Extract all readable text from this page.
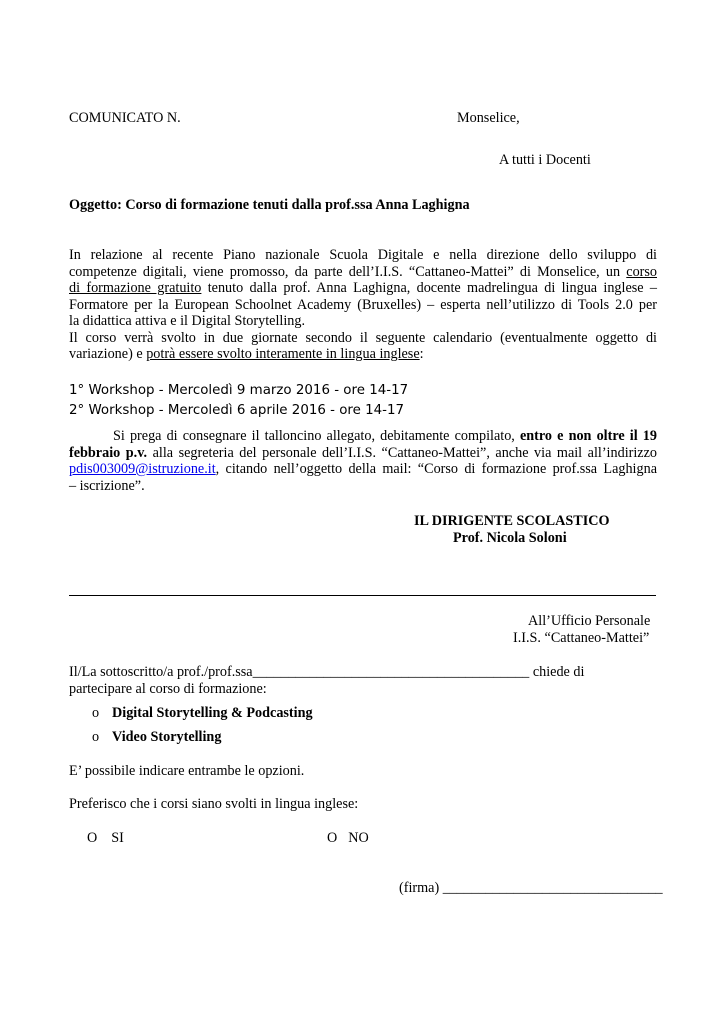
COMUNICATO N.	Monselice,
A tutti i Docenti
Oggetto: Corso di formazione tenuti dalla prof.ssa Anna Laghigna
In relazione al recente Piano nazionale Scuola Digitale e nella direzione dello sviluppo di
competenze digitali, viene promosso, da parte dell’I.I.S. “Cattaneo-Mattei” di Monselice, un corso
di formazione gratuito tenuto dalla prof. Anna Laghigna, docente madrelingua di lingua inglese –
Formatore per la European Schoolnet Academy (Bruxelles) – esperta nell’utilizzo di Tools 2.0 per
la didattica attiva e il Digital Storytelling.
Il corso verrà svolto in due giornate secondo il seguente calendario (eventualmente oggetto di
variazione) e potrà essere svolto interamente in lingua inglese:
1° Workshop - Mercoledì 9 marzo 2016 - ore 14-17
2° Workshop - Mercoledì 6 aprile 2016 - ore 14-17
Si prega di consegnare il talloncino allegato, debitamente compilato, entro e non oltre il 19
febbraio p.v. alla segreteria del personale dell’I.I.S. “Cattaneo-Mattei”, anche via mail all’indirizzo
pdis003009@istruzione.it, citando nell’oggetto della mail: “Corso di formazione prof.ssa Laghigna
– iscrizione”.
IL DIRIGENTE SCOLASTICO
Prof. Nicola Soloni
All’Ufficio Personale
I.I.S. “Cattaneo-Mattei”
Il/La sottoscritto/a prof./prof.ssa_______________________________________ chiede di
partecipare al corso di formazione:
o Digital Storytelling & Podcasting
o Video Storytelling
E’ possibile indicare entrambe le opzioni.
Preferisco che i corsi siano svolti in lingua inglese:
O SI	O NO
(firma) _______________________________
